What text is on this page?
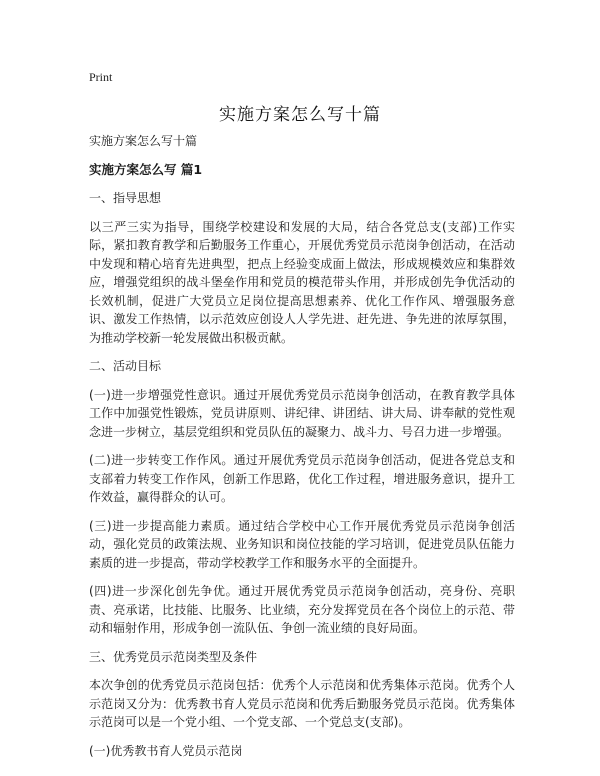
Print
实施方案怎么写十篇
实施方案怎么写十篇
实施方案怎么写 篇1
一、指导思想
以三严三实为指导，围绕学校建设和发展的大局，结合各党总支(支部)工作实际，紧扣教育教学和后勤服务工作重心，开展优秀党员示范岗争创活动，在活动中发现和精心培育先进典型，把点上经验变成面上做法，形成规模效应和集群效应，增强党组织的战斗堡垒作用和党员的模范带头作用，并形成创先争优活动的长效机制，促进广大党员立足岗位提高思想素养、优化工作作风、增强服务意识、激发工作热情，以示范效应创设人人学先进、赶先进、争先进的浓厚氛围，为推动学校新一轮发展做出积极贡献。
二、活动目标
(一)进一步增强党性意识。通过开展优秀党员示范岗争创活动，在教育教学具体工作中加强党性锻炼，党员讲原则、讲纪律、讲团结、讲大局、讲奉献的党性观念进一步树立，基层党组织和党员队伍的凝聚力、战斗力、号召力进一步增强。
(二)进一步转变工作作风。通过开展优秀党员示范岗争创活动，促进各党总支和支部着力转变工作作风，创新工作思路，优化工作过程，增进服务意识，提升工作效益，赢得群众的认可。
(三)进一步提高能力素质。通过结合学校中心工作开展优秀党员示范岗争创活动，强化党员的政策法规、业务知识和岗位技能的学习培训，促进党员队伍能力素质的进一步提高，带动学校教学工作和服务水平的全面提升。
(四)进一步深化创先争优。通过开展优秀党员示范岗争创活动，亮身份、亮职责、亮承诺，比技能、比服务、比业绩，充分发挥党员在各个岗位上的示范、带动和辐射作用，形成争创一流队伍、争创一流业绩的良好局面。
三、优秀党员示范岗类型及条件
本次争创的优秀党员示范岗包括：优秀个人示范岗和优秀集体示范岗。优秀个人示范岗又分为：优秀教书育人党员示范岗和优秀后勤服务党员示范岗。优秀集体示范岗可以是一个党小组、一个党支部、一个党总支(支部)。
(一)优秀教书育人党员示范岗
